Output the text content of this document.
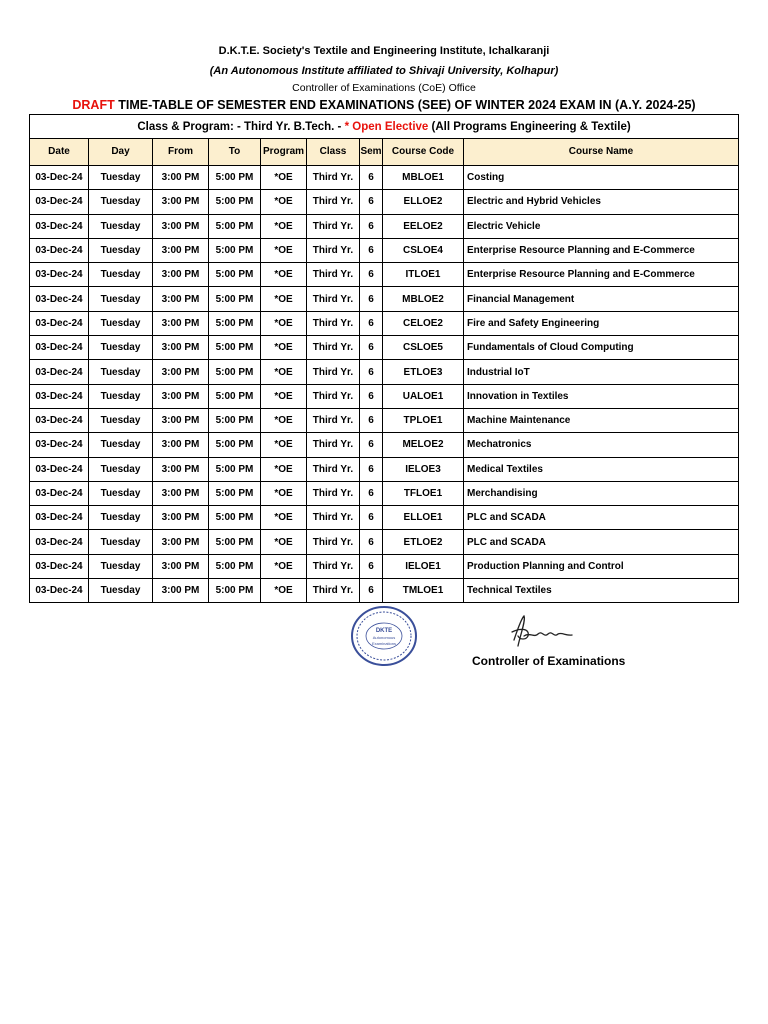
D.K.T.E. Society's Textile and Engineering Institute, Ichalkaranji
(An Autonomous Institute affiliated to Shivaji University, Kolhapur)
Controller of Examinations (CoE) Office
DRAFT TIME-TABLE OF SEMESTER END EXAMINATIONS (SEE) OF WINTER 2024 EXAM IN (A.Y. 2024-25)
Class & Program: - Third Yr. B.Tech. - * Open Elective (All Programs Engineering & Textile)								
Date	Day	From	To	Program	Class	Sem	Course Code	Course Name
03-Dec-24	Tuesday	3:00 PM	5:00 PM	*OE	Third Yr.	6	MBLOE1	Costing
03-Dec-24	Tuesday	3:00 PM	5:00 PM	*OE	Third Yr.	6	ELLOE2	Electric and Hybrid Vehicles
03-Dec-24	Tuesday	3:00 PM	5:00 PM	*OE	Third Yr.	6	EELOE2	Electric Vehicle
03-Dec-24	Tuesday	3:00 PM	5:00 PM	*OE	Third Yr.	6	CSLOE4	Enterprise Resource Planning and E-Commerce
03-Dec-24	Tuesday	3:00 PM	5:00 PM	*OE	Third Yr.	6	ITLOE1	Enterprise Resource Planning and E-Commerce
03-Dec-24	Tuesday	3:00 PM	5:00 PM	*OE	Third Yr.	6	MBLOE2	Financial Management
03-Dec-24	Tuesday	3:00 PM	5:00 PM	*OE	Third Yr.	6	CELOE2	Fire and Safety Engineering
03-Dec-24	Tuesday	3:00 PM	5:00 PM	*OE	Third Yr.	6	CSLOE5	Fundamentals of Cloud Computing
03-Dec-24	Tuesday	3:00 PM	5:00 PM	*OE	Third Yr.	6	ETLOE3	Industrial IoT
03-Dec-24	Tuesday	3:00 PM	5:00 PM	*OE	Third Yr.	6	UALOE1	Innovation in Textiles
03-Dec-24	Tuesday	3:00 PM	5:00 PM	*OE	Third Yr.	6	TPLOE1	Machine Maintenance
03-Dec-24	Tuesday	3:00 PM	5:00 PM	*OE	Third Yr.	6	MELOE2	Mechatronics
03-Dec-24	Tuesday	3:00 PM	5:00 PM	*OE	Third Yr.	6	IELOE3	Medical Textiles
03-Dec-24	Tuesday	3:00 PM	5:00 PM	*OE	Third Yr.	6	TFLOE1	Merchandising
03-Dec-24	Tuesday	3:00 PM	5:00 PM	*OE	Third Yr.	6	ELLOE1	PLC and SCADA
03-Dec-24	Tuesday	3:00 PM	5:00 PM	*OE	Third Yr.	6	ETLOE2	PLC and SCADA
03-Dec-24	Tuesday	3:00 PM	5:00 PM	*OE	Third Yr.	6	IELOE1	Production Planning and Control
03-Dec-24	Tuesday	3:00 PM	5:00 PM	*OE	Third Yr.	6	TMLOE1	Technical Textiles
DKTE
Autonomous
Examinations
Controller of Examinations
